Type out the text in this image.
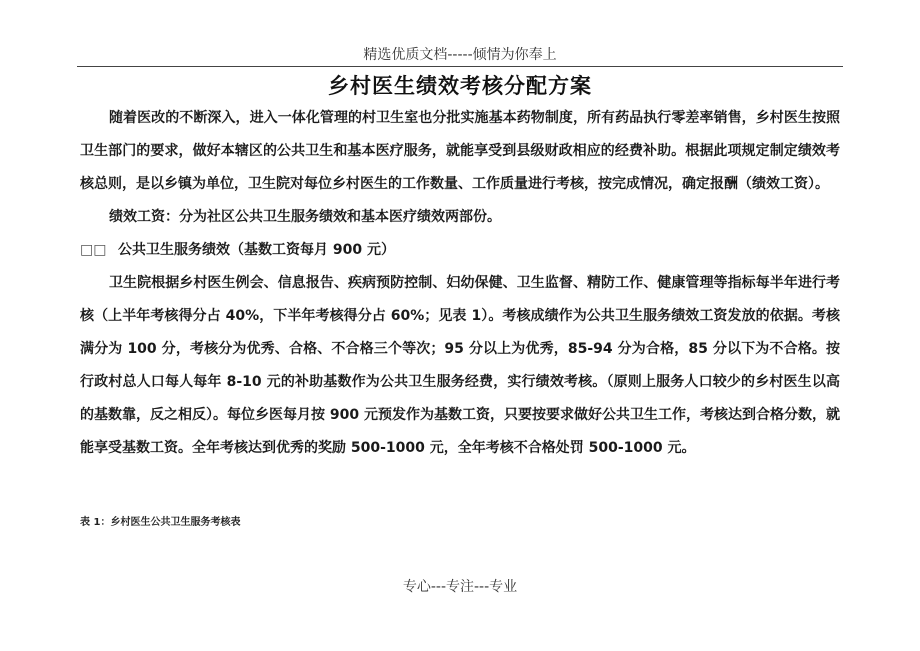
精选优质文档-----倾情为你奉上
乡村医生绩效考核分配方案

随着医改的不断深入，进入一体化管理的村卫生室也分批实施基本药物制度，所有药品执行零差率销售，乡村医生按照卫生部门的要求，做好本辖区的公共卫生和基本医疗服务，就能享受到县级财政相应的经费补助。根据此项规定制定绩效考核总则，是以乡镇为单位，卫生院对每位乡村医生的工作数量、工作质量进行考核，按完成情况，确定报酬（绩效工资）。

绩效工资：分为社区公共卫生服务绩效和基本医疗绩效两部份。

□□ 公共卫生服务绩效（基数工资每月 900 元）

卫生院根据乡村医生例会、信息报告、疾病预防控制、妇幼保健、卫生监督、精防工作、健康管理等指标每半年进行考核（上半年考核得分占 40%，下半年考核得分占 60%；见表 1）。考核成绩作为公共卫生服务绩效工资发放的依据。考核满分为 100 分，考核分为优秀、合格、不合格三个等次；95 分以上为优秀，85-94 分为合格，85 分以下为不合格。按行政村总人口每人每年 8-10 元的补助基数作为公共卫生服务经费，实行绩效考核。（原则上服务人口较少的乡村医生以高的基数靠，反之相反）。每位乡医每月按 900 元预发作为基数工资，只要按要求做好公共卫生工作，考核达到合格分数，就能享受基数工资。全年考核达到优秀的奖励 500-1000 元，全年考核不合格处罚 500-1000 元。

表 1：乡村医生公共卫生服务考核表
专心---专注---专业
